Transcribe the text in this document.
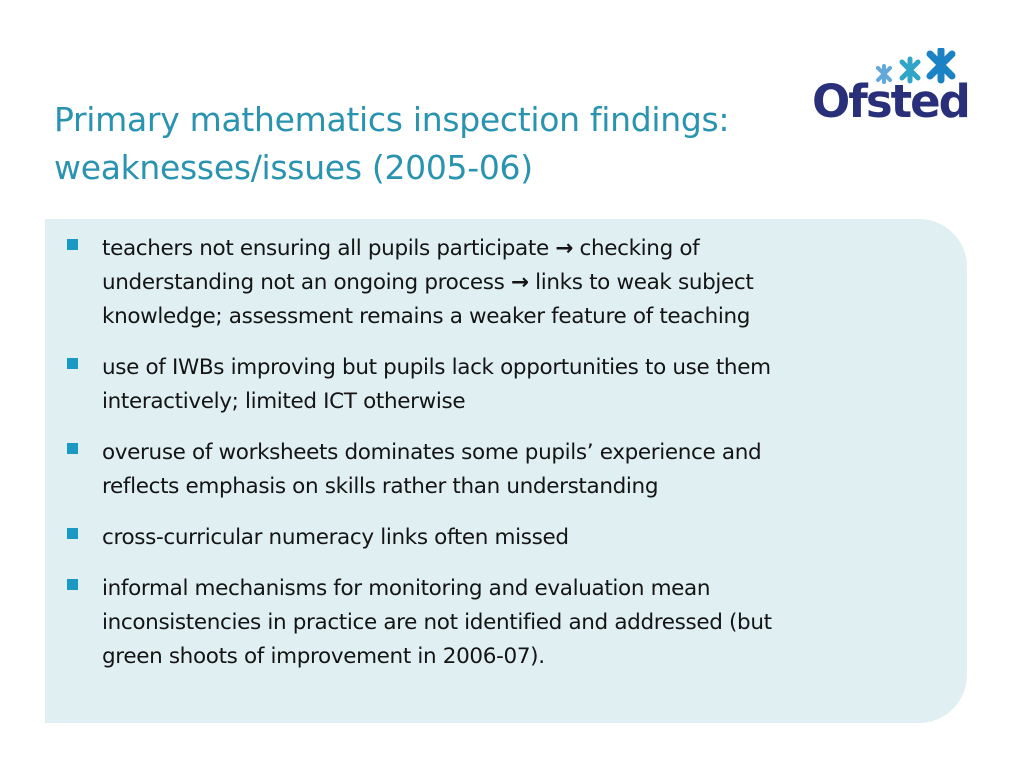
Primary mathematics inspection findings:
weaknesses/issues (2005-06)
Ofsted
teachers not ensuring all pupils participate → checking of
understanding not an ongoing process → links to weak subject
knowledge; assessment remains a weaker feature of teaching
use of IWBs improving but pupils lack opportunities to use them
interactively; limited ICT otherwise
overuse of worksheets dominates some pupils’ experience and
reflects emphasis on skills rather than understanding
cross-curricular numeracy links often missed
informal mechanisms for monitoring and evaluation mean
inconsistencies in practice are not identified and addressed (but
green shoots of improvement in 2006-07).
